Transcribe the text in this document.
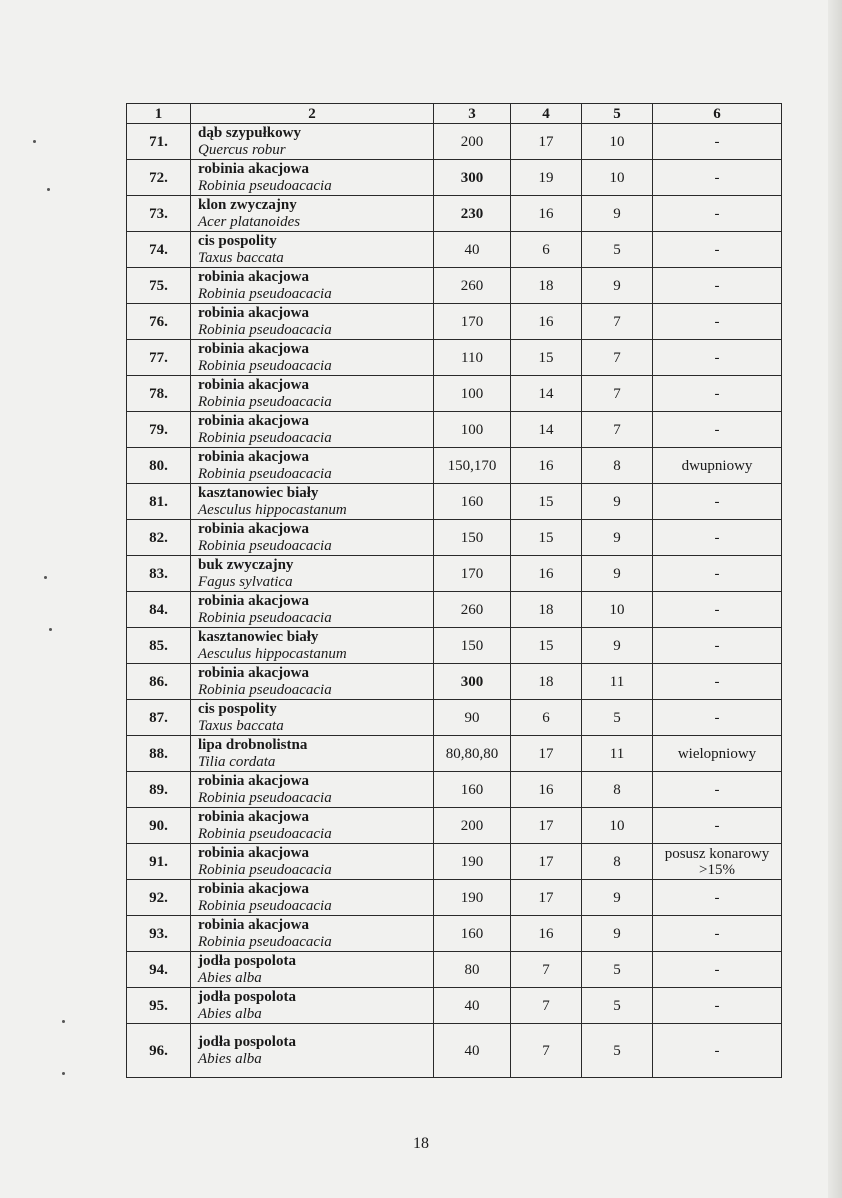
1	2	3	4	5	6
71.	dąb szypułkowy
Quercus robur	200	17	10	-

72.	robinia akacjowa
Robinia pseudoacacia	300	19	10	-

73.	klon zwyczajny
Acer platanoides	230	16	9	-

74.	cis pospolity
Taxus baccata	40	6	5	-

75.	robinia akacjowa
Robinia pseudoacacia	260	18	9	-

76.	robinia akacjowa
Robinia pseudoacacia	170	16	7	-

77.	robinia akacjowa
Robinia pseudoacacia	110	15	7	-

78.	robinia akacjowa
Robinia pseudoacacia	100	14	7	-

79.	robinia akacjowa
Robinia pseudoacacia	100	14	7	-

80.	robinia akacjowa
Robinia pseudoacacia	150,170	16	8	dwupniowy

81.	kasztanowiec biały
Aesculus hippocastanum	160	15	9	-

82.	robinia akacjowa
Robinia pseudoacacia	150	15	9	-

83.	buk zwyczajny
Fagus sylvatica	170	16	9	-

84.	robinia akacjowa
Robinia pseudoacacia	260	18	10	-

85.	kasztanowiec biały
Aesculus hippocastanum	150	15	9	-

86.	robinia akacjowa
Robinia pseudoacacia	300	18	11	-

87.	cis pospolity
Taxus baccata	90	6	5	-

88.	lipa drobnolistna
Tilia cordata	80,80,80	17	11	wielopniowy

89.	robinia akacjowa
Robinia pseudoacacia	160	16	8	-

90.	robinia akacjowa
Robinia pseudoacacia	200	17	10	-

91.	robinia akacjowa
Robinia pseudoacacia	190	17	8	posusz konarowy
>15%

92.	robinia akacjowa
Robinia pseudoacacia	190	17	9	-

93.	robinia akacjowa
Robinia pseudoacacia	160	16	9	-

94.	jodła pospolota
Abies alba	80	7	5	-

95.	jodła pospolota
Abies alba	40	7	5	-

96.	jodła pospolota
Abies alba	40	7	5	-
18
